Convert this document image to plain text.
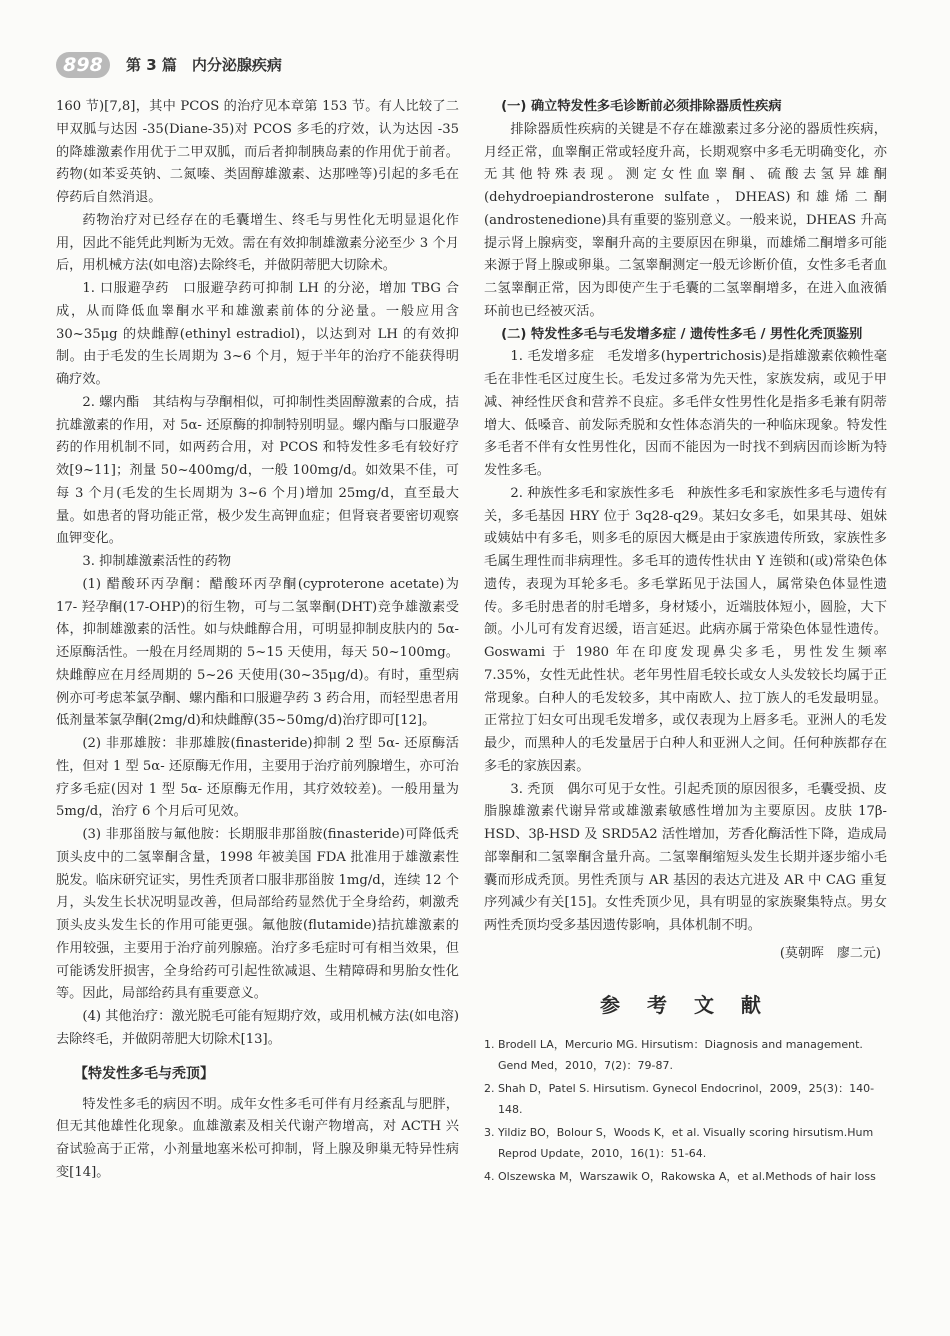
898	第 3 篇　内分泌腺疾病

160 节)[7,8]，其中 PCOS 的治疗见本章第 153 节。有人比较了二甲双胍与达因 -35(Diane-35)对 PCOS 多毛的疗效，认为达因 -35 的降雄激素作用优于二甲双胍，而后者抑制胰岛素的作用优于前者。药物(如苯妥英钠、二氮嗪、类固醇雄激素、达那唑等)引起的多毛在停药后自然消退。

药物治疗对已经存在的毛囊增生、终毛与男性化无明显退化作用，因此不能凭此判断为无效。需在有效抑制雄激素分泌至少 3 个月后，用机械方法(如电溶)去除终毛，并做阴蒂肥大切除术。

1. 口服避孕药　口服避孕药可抑制 LH 的分泌，增加 TBG 合成，从而降低血睾酮水平和雄激素前体的分泌量。一般应用含 30~35μg 的炔雌醇(ethinyl estradiol)，以达到对 LH 的有效抑制。由于毛发的生长周期为 3~6 个月，短于半年的治疗不能获得明确疗效。

2. 螺内酯　其结构与孕酮相似，可抑制性类固醇激素的合成，拮抗雄激素的作用，对 5α- 还原酶的抑制特别明显。螺内酯与口服避孕药的作用机制不同，如两药合用，对 PCOS 和特发性多毛有较好疗效[9~11]；剂量 50~400mg/d，一般 100mg/d。如效果不佳，可每 3 个月(毛发的生长周期为 3~6 个月)增加 25mg/d，直至最大量。如患者的肾功能正常，极少发生高钾血症；但肾衰者要密切观察血钾变化。

3. 抑制雄激素活性的药物

(1) 醋酸环丙孕酮：醋酸环丙孕酮(cyproterone acetate)为 17- 羟孕酮(17-OHP)的衍生物，可与二氢睾酮(DHT)竞争雄激素受体，抑制雄激素的活性。如与炔雌醇合用，可明显抑制皮肤内的 5α- 还原酶活性。一般在月经周期的 5~15 天使用，每天 50~100mg。炔雌醇应在月经周期的 5~26 天使用(30~35μg/d)。有时，重型病例亦可考虑苯氯孕酮、螺内酯和口服避孕药 3 药合用，而轻型患者用低剂量苯氯孕酮(2mg/d)和炔雌醇(35~50mg/d)治疗即可[12]。

(2) 非那雄胺：非那雄胺(finasteride)抑制 2 型 5α- 还原酶活性，但对 1 型 5α- 还原酶无作用，主要用于治疗前列腺增生，亦可治疗多毛症(因对 1 型 5α- 还原酶无作用，其疗效较差)。一般用量为 5mg/d，治疗 6 个月后可见效。

(3) 非那甾胺与氟他胺：长期服非那甾胺(finasteride)可降低秃顶头皮中的二氢睾酮含量，1998 年被美国 FDA 批准用于雄激素性脱发。临床研究证实，男性秃顶者口服非那甾胺 1mg/d，连续 12 个月，头发生长状况明显改善，但局部给药显然优于全身给药，刺激秃顶头皮头发生长的作用可能更强。氟他胺(flutamide)拮抗雄激素的作用较强，主要用于治疗前列腺癌。治疗多毛症时可有相当效果，但可能诱发肝损害，全身给药可引起性欲减退、生精障碍和男胎女性化等。因此，局部给药具有重要意义。

(4) 其他治疗：激光脱毛可能有短期疗效，或用机械方法(如电溶)去除终毛，并做阴蒂肥大切除术[13]。

【特发性多毛与秃顶】

特发性多毛的病因不明。成年女性多毛可伴有月经紊乱与肥胖，但无其他雄性化现象。血雄激素及相关代谢产物增高，对 ACTH 兴奋试验高于正常，小剂量地塞米松可抑制，肾上腺及卵巢无特异性病变[14]。

(一) 确立特发性多毛诊断前必须排除器质性疾病

排除器质性疾病的关键是不存在雄激素过多分泌的器质性疾病，月经正常，血睾酮正常或轻度升高，长期观察中多毛无明确变化，亦无其他特殊表现。测定女性血睾酮、硫酸去氢异雄酮(dehydroepiandrosterone sulfate，DHEAS)和雄烯二酮(androstenedione)具有重要的鉴别意义。一般来说，DHEAS 升高提示肾上腺病变，睾酮升高的主要原因在卵巢，而雄烯二酮增多可能来源于肾上腺或卵巢。二氢睾酮测定一般无诊断价值，女性多毛者血二氢睾酮正常，因为即使产生于毛囊的二氢睾酮增多，在进入血液循环前也已经被灭活。

(二) 特发性多毛与毛发增多症 / 遗传性多毛 / 男性化秃顶鉴别

1. 毛发增多症　毛发增多(hypertrichosis)是指雄激素依赖性毫毛在非性毛区过度生长。毛发过多常为先天性，家族发病，或见于甲减、神经性厌食和营养不良症。多毛伴女性男性化是指多毛兼有阴蒂增大、低嗓音、前发际秃脱和女性体态消失的一种临床现象。特发性多毛者不伴有女性男性化，因而不能因为一时找不到病因而诊断为特发性多毛。

2. 种族性多毛和家族性多毛　种族性多毛和家族性多毛与遗传有关，多毛基因 HRY 位于 3q28-q29。某妇女多毛，如果其母、姐妹或姨姑中有多毛，则多毛的原因大概是由于家族遗传所致，家族性多毛属生理性而非病理性。多毛耳的遗传性状由 Y 连锁和(或)常染色体遗传，表现为耳轮多毛。多毛掌跖见于法国人，属常染色体显性遗传。多毛肘患者的肘毛增多，身材矮小，近端肢体短小，圆脸，大下颌。小儿可有发育迟缓，语言延迟。此病亦属于常染色体显性遗传。Goswami 于 1980 年在印度发现鼻尖多毛，男性发生频率 7.35%，女性无此性状。老年男性眉毛较长或女人头发较长均属于正常现象。白种人的毛发较多，其中南欧人、拉丁族人的毛发最明显。正常拉丁妇女可出现毛发增多，或仅表现为上唇多毛。亚洲人的毛发最少，而黑种人的毛发量居于白种人和亚洲人之间。任何种族都存在多毛的家族因素。

3. 秃顶　偶尔可见于女性。引起秃顶的原因很多，毛囊受损、皮脂腺雄激素代谢异常或雄激素敏感性增加为主要原因。皮肤 17β-HSD、3β-HSD 及 SRD5A2 活性增加，芳香化酶活性下降，造成局部睾酮和二氢睾酮含量升高。二氢睾酮缩短头发生长期并逐步缩小毛囊而形成秃顶。男性秃顶与 AR 基因的表达亢进及 AR 中 CAG 重复序列减少有关[15]。女性秃顶少见，具有明显的家族聚集特点。男女两性秃顶均受多基因遗传影响，具体机制不明。

(莫朝晖　廖二元)
参 考 文 献
1. Brodell LA，Mercurio MG. Hirsutism：Diagnosis and management. Gend Med，2010，7(2)：79-87.
2. Shah D，Patel S. Hirsutism. Gynecol Endocrinol，2009，25(3)：140-148.
3. Yildiz BO，Bolour S，Woods K，et al. Visually scoring hirsutism.Hum Reprod Update，2010，16(1)：51-64.
4. Olszewska M，Warszawik O，Rakowska A，et al.Methods of hair loss
